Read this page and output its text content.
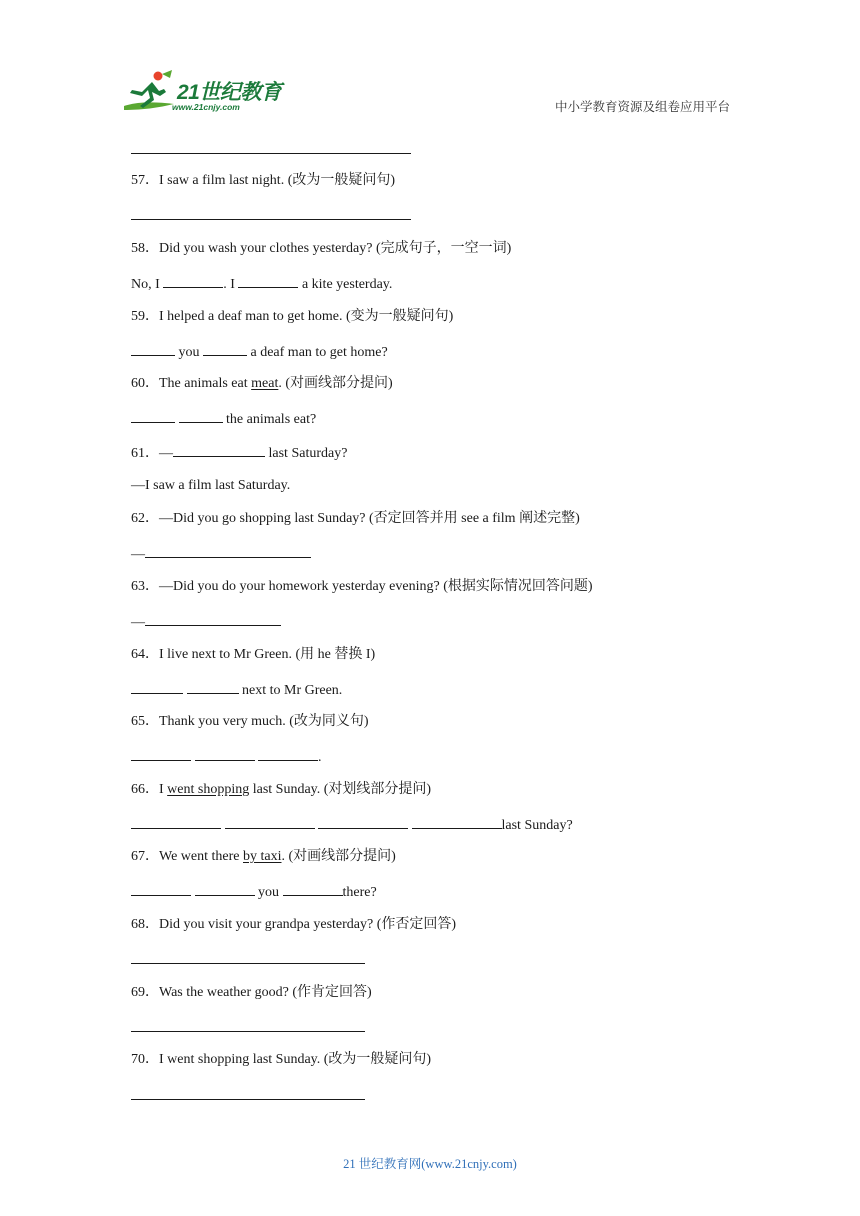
21世纪教育
www.21cnjy.com	中小学教育资源及组卷应用平台
57．I saw a film last night. (改为一般疑问句)
58．Did you wash your clothes yesterday? (完成句子，一空一词)
No, I	. I	a kite yesterday.
59．I helped a deaf man to get home. (变为一般疑问句)
you	a deaf man to get home?
60．The animals eat meat. (对画线部分提问)
the animals eat?
61．—	last Saturday?
—I saw a film last Saturday.
62．—Did you go shopping last Sunday? (否定回答并用 see a film 阐述完整)
—
63．—Did you do your homework yesterday evening? (根据实际情况回答问题)
—
64．I live next to Mr Green. (用 he 替换 I)
next to Mr Green.
65．Thank you very much. (改为同义句)
.
66．I went shopping last Sunday. (对划线部分提问)
last Sunday?
67．We went there by taxi. (对画线部分提问)
you	there?
68．Did you visit your grandpa yesterday? (作否定回答)
69．Was the weather good? (作肯定回答)
70．I went shopping last Sunday. (改为一般疑问句)
21 世纪教育网(www.21cnjy.com)
